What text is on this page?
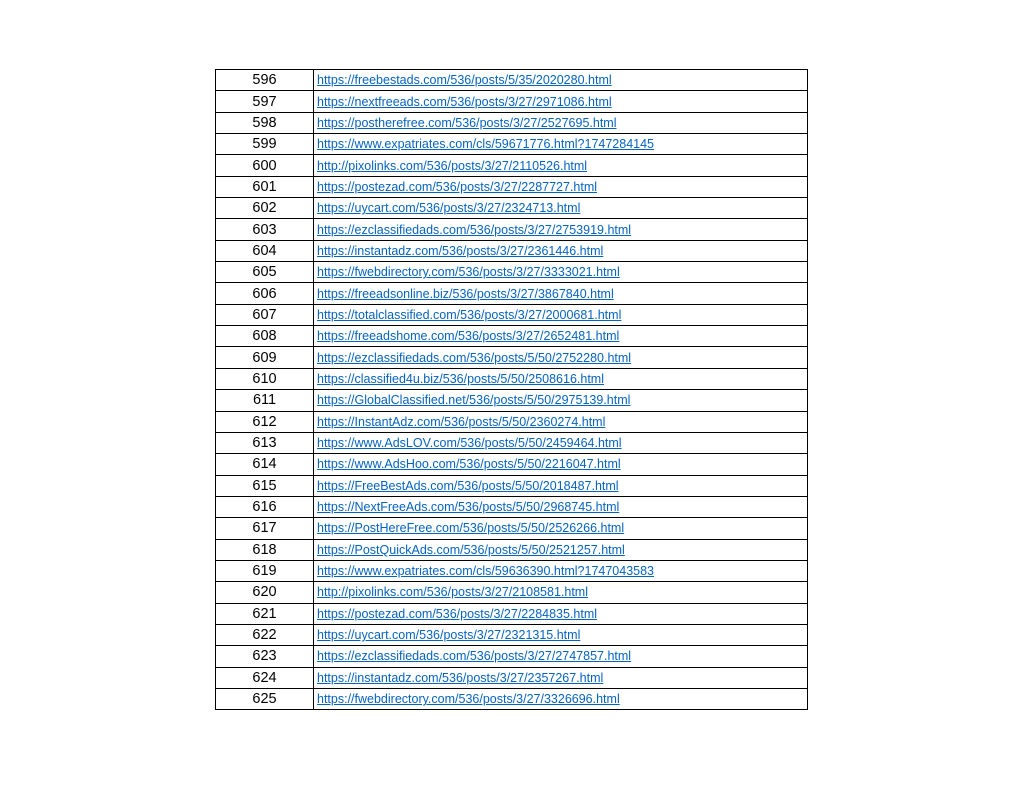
596	https://freebestads.com/536/posts/5/35/2020280.html
597	https://nextfreeads.com/536/posts/3/27/2971086.html
598	https://postherefree.com/536/posts/3/27/2527695.html
599	https://www.expatriates.com/cls/59671776.html?1747284145
600	http://pixolinks.com/536/posts/3/27/2110526.html
601	https://postezad.com/536/posts/3/27/2287727.html
602	https://uycart.com/536/posts/3/27/2324713.html
603	https://ezclassifiedads.com/536/posts/3/27/2753919.html
604	https://instantadz.com/536/posts/3/27/2361446.html
605	https://fwebdirectory.com/536/posts/3/27/3333021.html
606	https://freeadsonline.biz/536/posts/3/27/3867840.html
607	https://totalclassified.com/536/posts/3/27/2000681.html
608	https://freeadshome.com/536/posts/3/27/2652481.html
609	https://ezclassifiedads.com/536/posts/5/50/2752280.html
610	https://classified4u.biz/536/posts/5/50/2508616.html
611	https://GlobalClassified.net/536/posts/5/50/2975139.html
612	https://InstantAdz.com/536/posts/5/50/2360274.html
613	https://www.AdsLOV.com/536/posts/5/50/2459464.html
614	https://www.AdsHoo.com/536/posts/5/50/2216047.html
615	https://FreeBestAds.com/536/posts/5/50/2018487.html
616	https://NextFreeAds.com/536/posts/5/50/2968745.html
617	https://PostHereFree.com/536/posts/5/50/2526266.html
618	https://PostQuickAds.com/536/posts/5/50/2521257.html
619	https://www.expatriates.com/cls/59636390.html?1747043583
620	http://pixolinks.com/536/posts/3/27/2108581.html
621	https://postezad.com/536/posts/3/27/2284835.html
622	https://uycart.com/536/posts/3/27/2321315.html
623	https://ezclassifiedads.com/536/posts/3/27/2747857.html
624	https://instantadz.com/536/posts/3/27/2357267.html
625	https://fwebdirectory.com/536/posts/3/27/3326696.html
